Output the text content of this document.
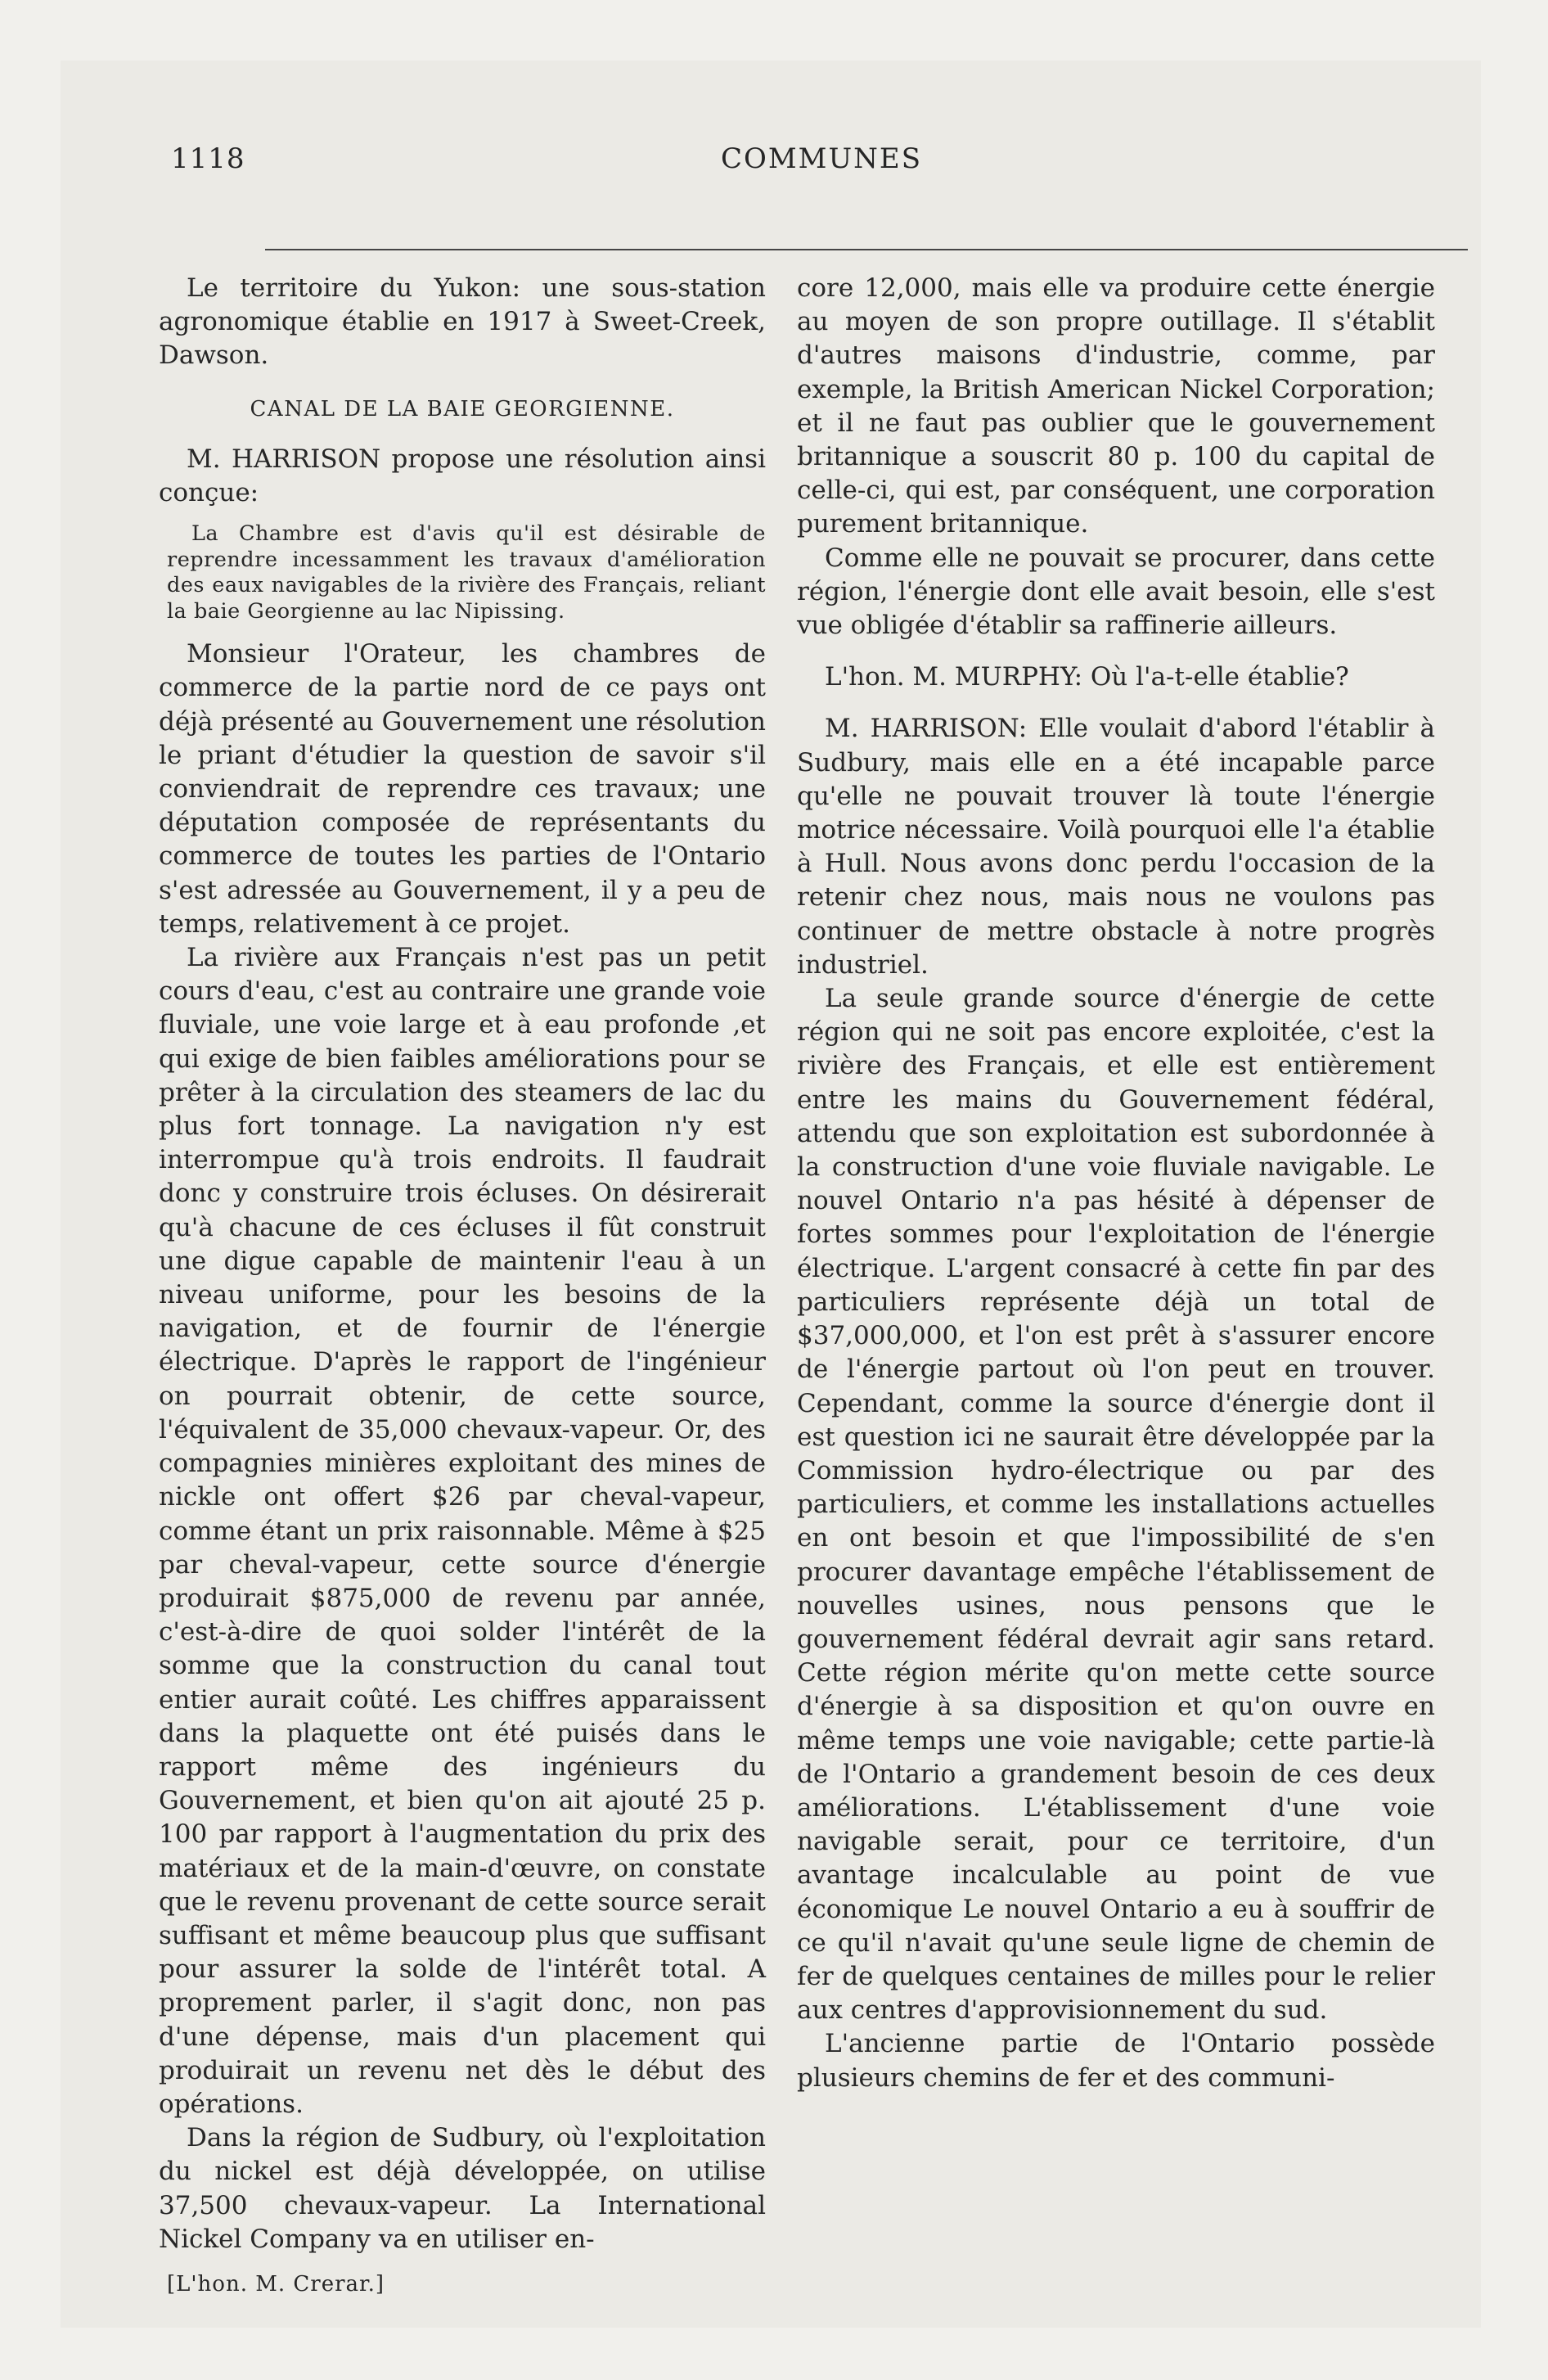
1118	COMMUNES

Le territoire du Yukon: une sous-station agronomique établie en 1917 à Sweet-Creek, Dawson.

CANAL DE LA BAIE GEORGIENNE.

M. HARRISON propose une résolution ainsi conçue:

La Chambre est d'avis qu'il est désirable de reprendre incessamment les travaux d'amélioration des eaux navigables de la rivière des Français, reliant la baie Georgienne au lac Nipissing.

Monsieur l'Orateur, les chambres de commerce de la partie nord de ce pays ont déjà présenté au Gouvernement une résolution le priant d'étudier la question de savoir s'il conviendrait de reprendre ces travaux; une députation composée de représentants du commerce de toutes les parties de l'Ontario s'est adressée au Gouvernement, il y a peu de temps, relativement à ce projet.

La rivière aux Français n'est pas un petit cours d'eau, c'est au contraire une grande voie fluviale, une voie large et à eau profonde ,et qui exige de bien faibles améliorations pour se prêter à la circulation des steamers de lac du plus fort tonnage. La navigation n'y est interrompue qu'à trois endroits. Il faudrait donc y construire trois écluses. On désirerait qu'à chacune de ces écluses il fût construit une digue capable de maintenir l'eau à un niveau uniforme, pour les besoins de la navigation, et de fournir de l'énergie électrique. D'après le rapport de l'ingénieur on pourrait obtenir, de cette source, l'équivalent de 35,000 chevaux-vapeur. Or, des compagnies minières exploitant des mines de nickle ont offert $26 par cheval-vapeur, comme étant un prix raisonnable. Même à $25 par cheval-vapeur, cette source d'énergie produirait $875,000 de revenu par année, c'est-à-dire de quoi solder l'intérêt de la somme que la construction du canal tout entier aurait coûté. Les chiffres apparaissent dans la plaquette ont été puisés dans le rapport même des ingénieurs du Gouvernement, et bien qu'on ait ajouté 25 p. 100 par rapport à l'augmentation du prix des matériaux et de la main-d'œuvre, on constate que le revenu provenant de cette source serait suffisant et même beaucoup plus que suffisant pour assurer la solde de l'intérêt total. A proprement parler, il s'agit donc, non pas d'une dépense, mais d'un placement qui produirait un revenu net dès le début des opérations.

Dans la région de Sudbury, où l'exploitation du nickel est déjà développée, on utilise 37,500 chevaux-vapeur. La International Nickel Company va en utiliser en-

[L'hon. M. Crerar.]

core 12,000, mais elle va produire cette énergie au moyen de son propre outillage. Il s'établit d'autres maisons d'industrie, comme, par exemple, la British American Nickel Corporation; et il ne faut pas oublier que le gouvernement britannique a souscrit 80 p. 100 du capital de celle-ci, qui est, par conséquent, une corporation purement britannique.

Comme elle ne pouvait se procurer, dans cette région, l'énergie dont elle avait besoin, elle s'est vue obligée d'établir sa raffinerie ailleurs.

L'hon. M. MURPHY: Où l'a-t-elle établie?

M. HARRISON: Elle voulait d'abord l'établir à Sudbury, mais elle en a été incapable parce qu'elle ne pouvait trouver là toute l'énergie motrice nécessaire. Voilà pourquoi elle l'a établie à Hull. Nous avons donc perdu l'occasion de la retenir chez nous, mais nous ne voulons pas continuer de mettre obstacle à notre progrès industriel.

La seule grande source d'énergie de cette région qui ne soit pas encore exploitée, c'est la rivière des Français, et elle est entièrement entre les mains du Gouvernement fédéral, attendu que son exploitation est subordonnée à la construction d'une voie fluviale navigable. Le nouvel Ontario n'a pas hésité à dépenser de fortes sommes pour l'exploitation de l'énergie électrique. L'argent consacré à cette fin par des particuliers représente déjà un total de $37,000,000, et l'on est prêt à s'assurer encore de l'énergie partout où l'on peut en trouver. Cependant, comme la source d'énergie dont il est question ici ne saurait être développée par la Commission hydro-électrique ou par des particuliers, et comme les installations actuelles en ont besoin et que l'impossibilité de s'en procurer davantage empêche l'établissement de nouvelles usines, nous pensons que le gouvernement fédéral devrait agir sans retard. Cette région mérite qu'on mette cette source d'énergie à sa disposition et qu'on ouvre en même temps une voie navigable; cette partie-là de l'Ontario a grandement besoin de ces deux améliorations. L'établissement d'une voie navigable serait, pour ce territoire, d'un avantage incalculable au point de vue économique Le nouvel Ontario a eu à souffrir de ce qu'il n'avait qu'une seule ligne de chemin de fer de quelques centaines de milles pour le relier aux centres d'approvisionnement du sud.

L'ancienne partie de l'Ontario possède plusieurs chemins de fer et des communi-
